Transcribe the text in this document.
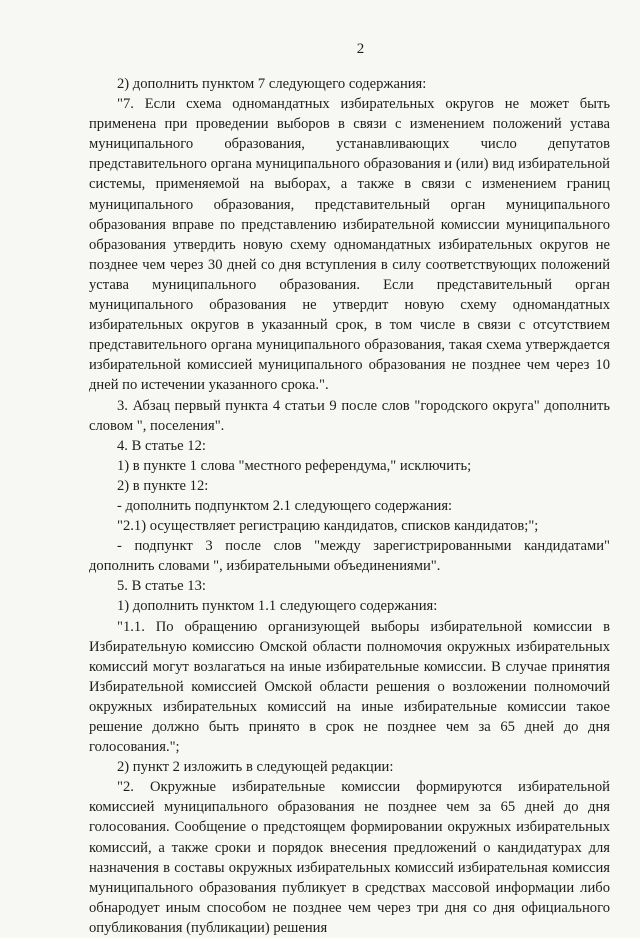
2

2) дополнить пунктом 7 следующего содержания:

"7. Если схема одномандатных избирательных округов не может быть применена при проведении выборов в связи с изменением положений устава муниципального образования, устанавливающих число депутатов представительного органа муниципального образования и (или) вид избирательной системы, применяемой на выборах, а также в связи с изменением границ муниципального образования, представительный орган муниципального образования вправе по представлению избирательной комиссии муниципального образования утвердить новую схему одномандатных избирательных округов не позднее чем через 30 дней со дня вступления в силу соответствующих положений устава муниципального образования. Если представительный орган муниципального образования не утвердит новую схему одномандатных избирательных округов в указанный срок, в том числе в связи с отсутствием представительного органа муниципального образования, такая схема утверждается избирательной комиссией муниципального образования не позднее чем через 10 дней по истечении указанного срока.".

3. Абзац первый пункта 4 статьи 9 после слов "городского округа" дополнить словом ", поселения".

4. В статье 12:

1) в пункте 1 слова "местного референдума," исключить;

2) в пункте 12:

- дополнить подпунктом 2.1 следующего содержания:

"2.1) осуществляет регистрацию кандидатов, списков кандидатов;";

- подпункт 3 после слов "между зарегистрированными кандидатами" дополнить словами ", избирательными объединениями".

5. В статье 13:

1) дополнить пунктом 1.1 следующего содержания:

"1.1. По обращению организующей выборы избирательной комиссии в Избирательную комиссию Омской области полномочия окружных избирательных комиссий могут возлагаться на иные избирательные комиссии. В случае принятия Избирательной комиссией Омской области решения о возложении полномочий окружных избирательных комиссий на иные избирательные комиссии такое решение должно быть принято в срок не позднее чем за 65 дней до дня голосования.";

2) пункт 2 изложить в следующей редакции:

"2. Окружные избирательные комиссии формируются избирательной комиссией муниципального образования не позднее чем за 65 дней до дня голосования. Сообщение о предстоящем формировании окружных избирательных комиссий, а также сроки и порядок внесения предложений о кандидатурах для назначения в составы окружных избирательных комиссий избирательная комиссия муниципального образования публикует в средствах массовой информации либо обнародует иным способом не позднее чем через три дня со дня официального опубликования (публикации) решения
